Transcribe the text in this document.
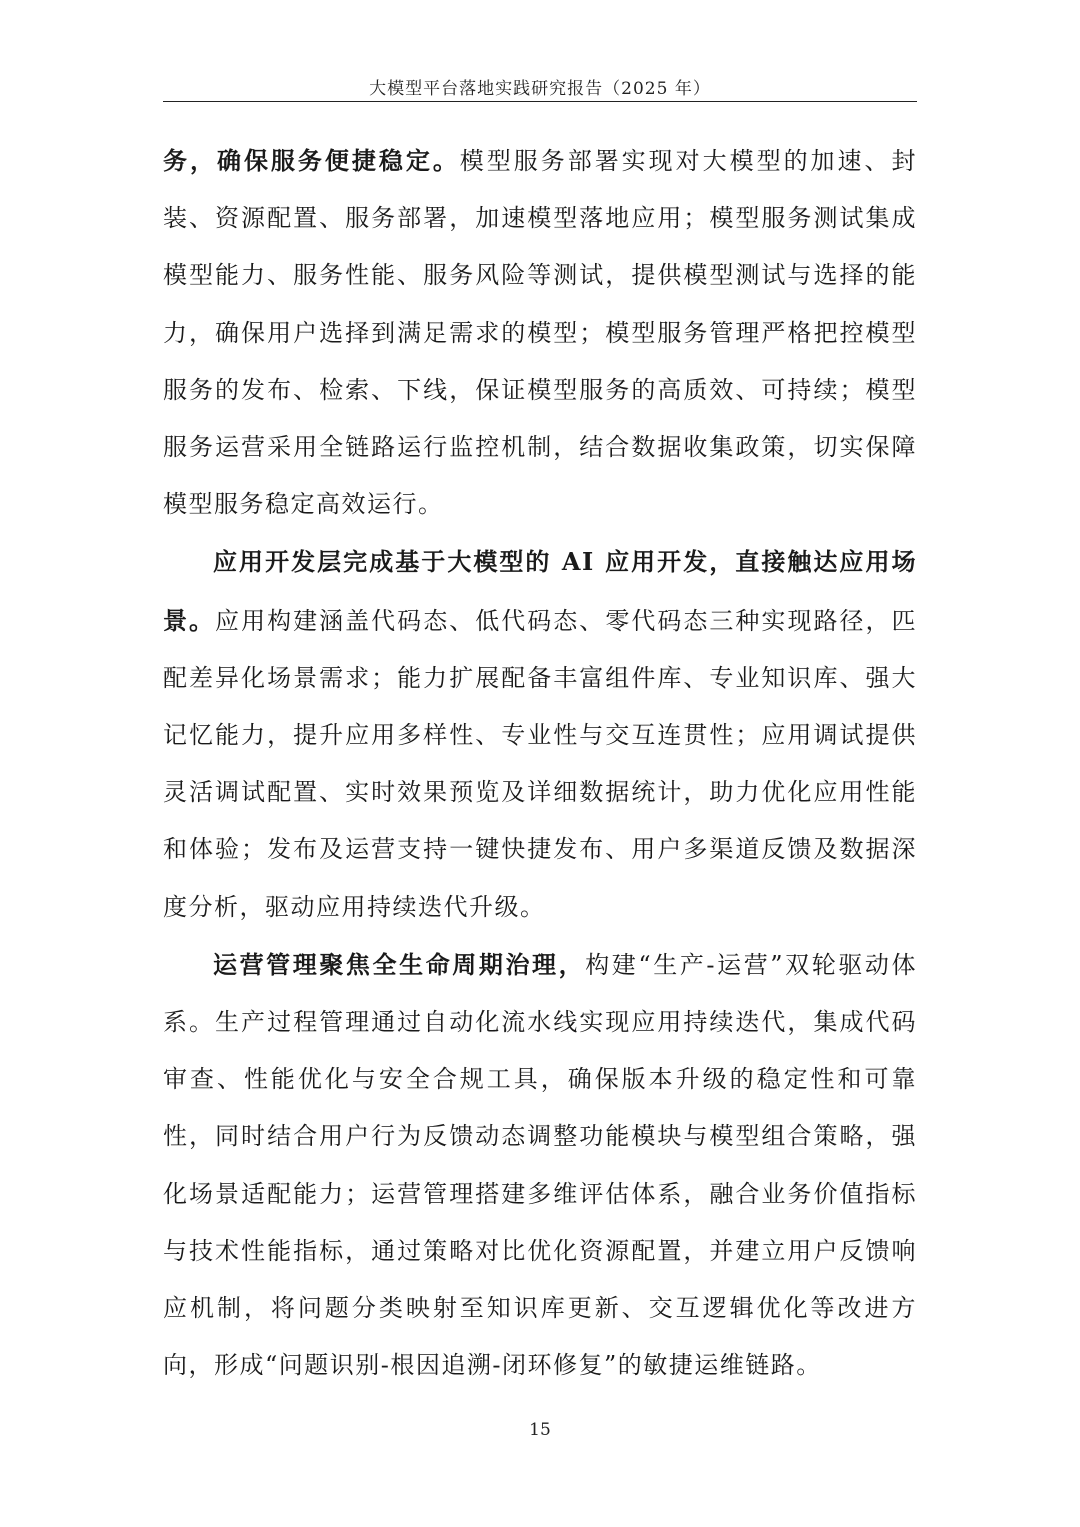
大模型平台落地实践研究报告（2025 年）

务，确保服务便捷稳定。模型服务部署实现对大模型的加速、封装、资源配置、服务部署，加速模型落地应用；模型服务测试集成模型能力、服务性能、服务风险等测试，提供模型测试与选择的能力，确保用户选择到满足需求的模型；模型服务管理严格把控模型服务的发布、检索、下线，保证模型服务的高质效、可持续；模型服务运营采用全链路运行监控机制，结合数据收集政策，切实保障模型服务稳定高效运行。

应用开发层完成基于大模型的 AI 应用开发，直接触达应用场景。应用构建涵盖代码态、低代码态、零代码态三种实现路径，匹配差异化场景需求；能力扩展配备丰富组件库、专业知识库、强大记忆能力，提升应用多样性、专业性与交互连贯性；应用调试提供灵活调试配置、实时效果预览及详细数据统计，助力优化应用性能和体验；发布及运营支持一键快捷发布、用户多渠道反馈及数据深度分析，驱动应用持续迭代升级。

运营管理聚焦全生命周期治理，构建“生产-运营”双轮驱动体系。生产过程管理通过自动化流水线实现应用持续迭代，集成代码审查、性能优化与安全合规工具，确保版本升级的稳定性和可靠性，同时结合用户行为反馈动态调整功能模块与模型组合策略，强化场景适配能力；运营管理搭建多维评估体系，融合业务价值指标与技术性能指标，通过策略对比优化资源配置，并建立用户反馈响应机制，将问题分类映射至知识库更新、交互逻辑优化等改进方向，形成“问题识别-根因追溯-闭环修复”的敏捷运维链路。

15
